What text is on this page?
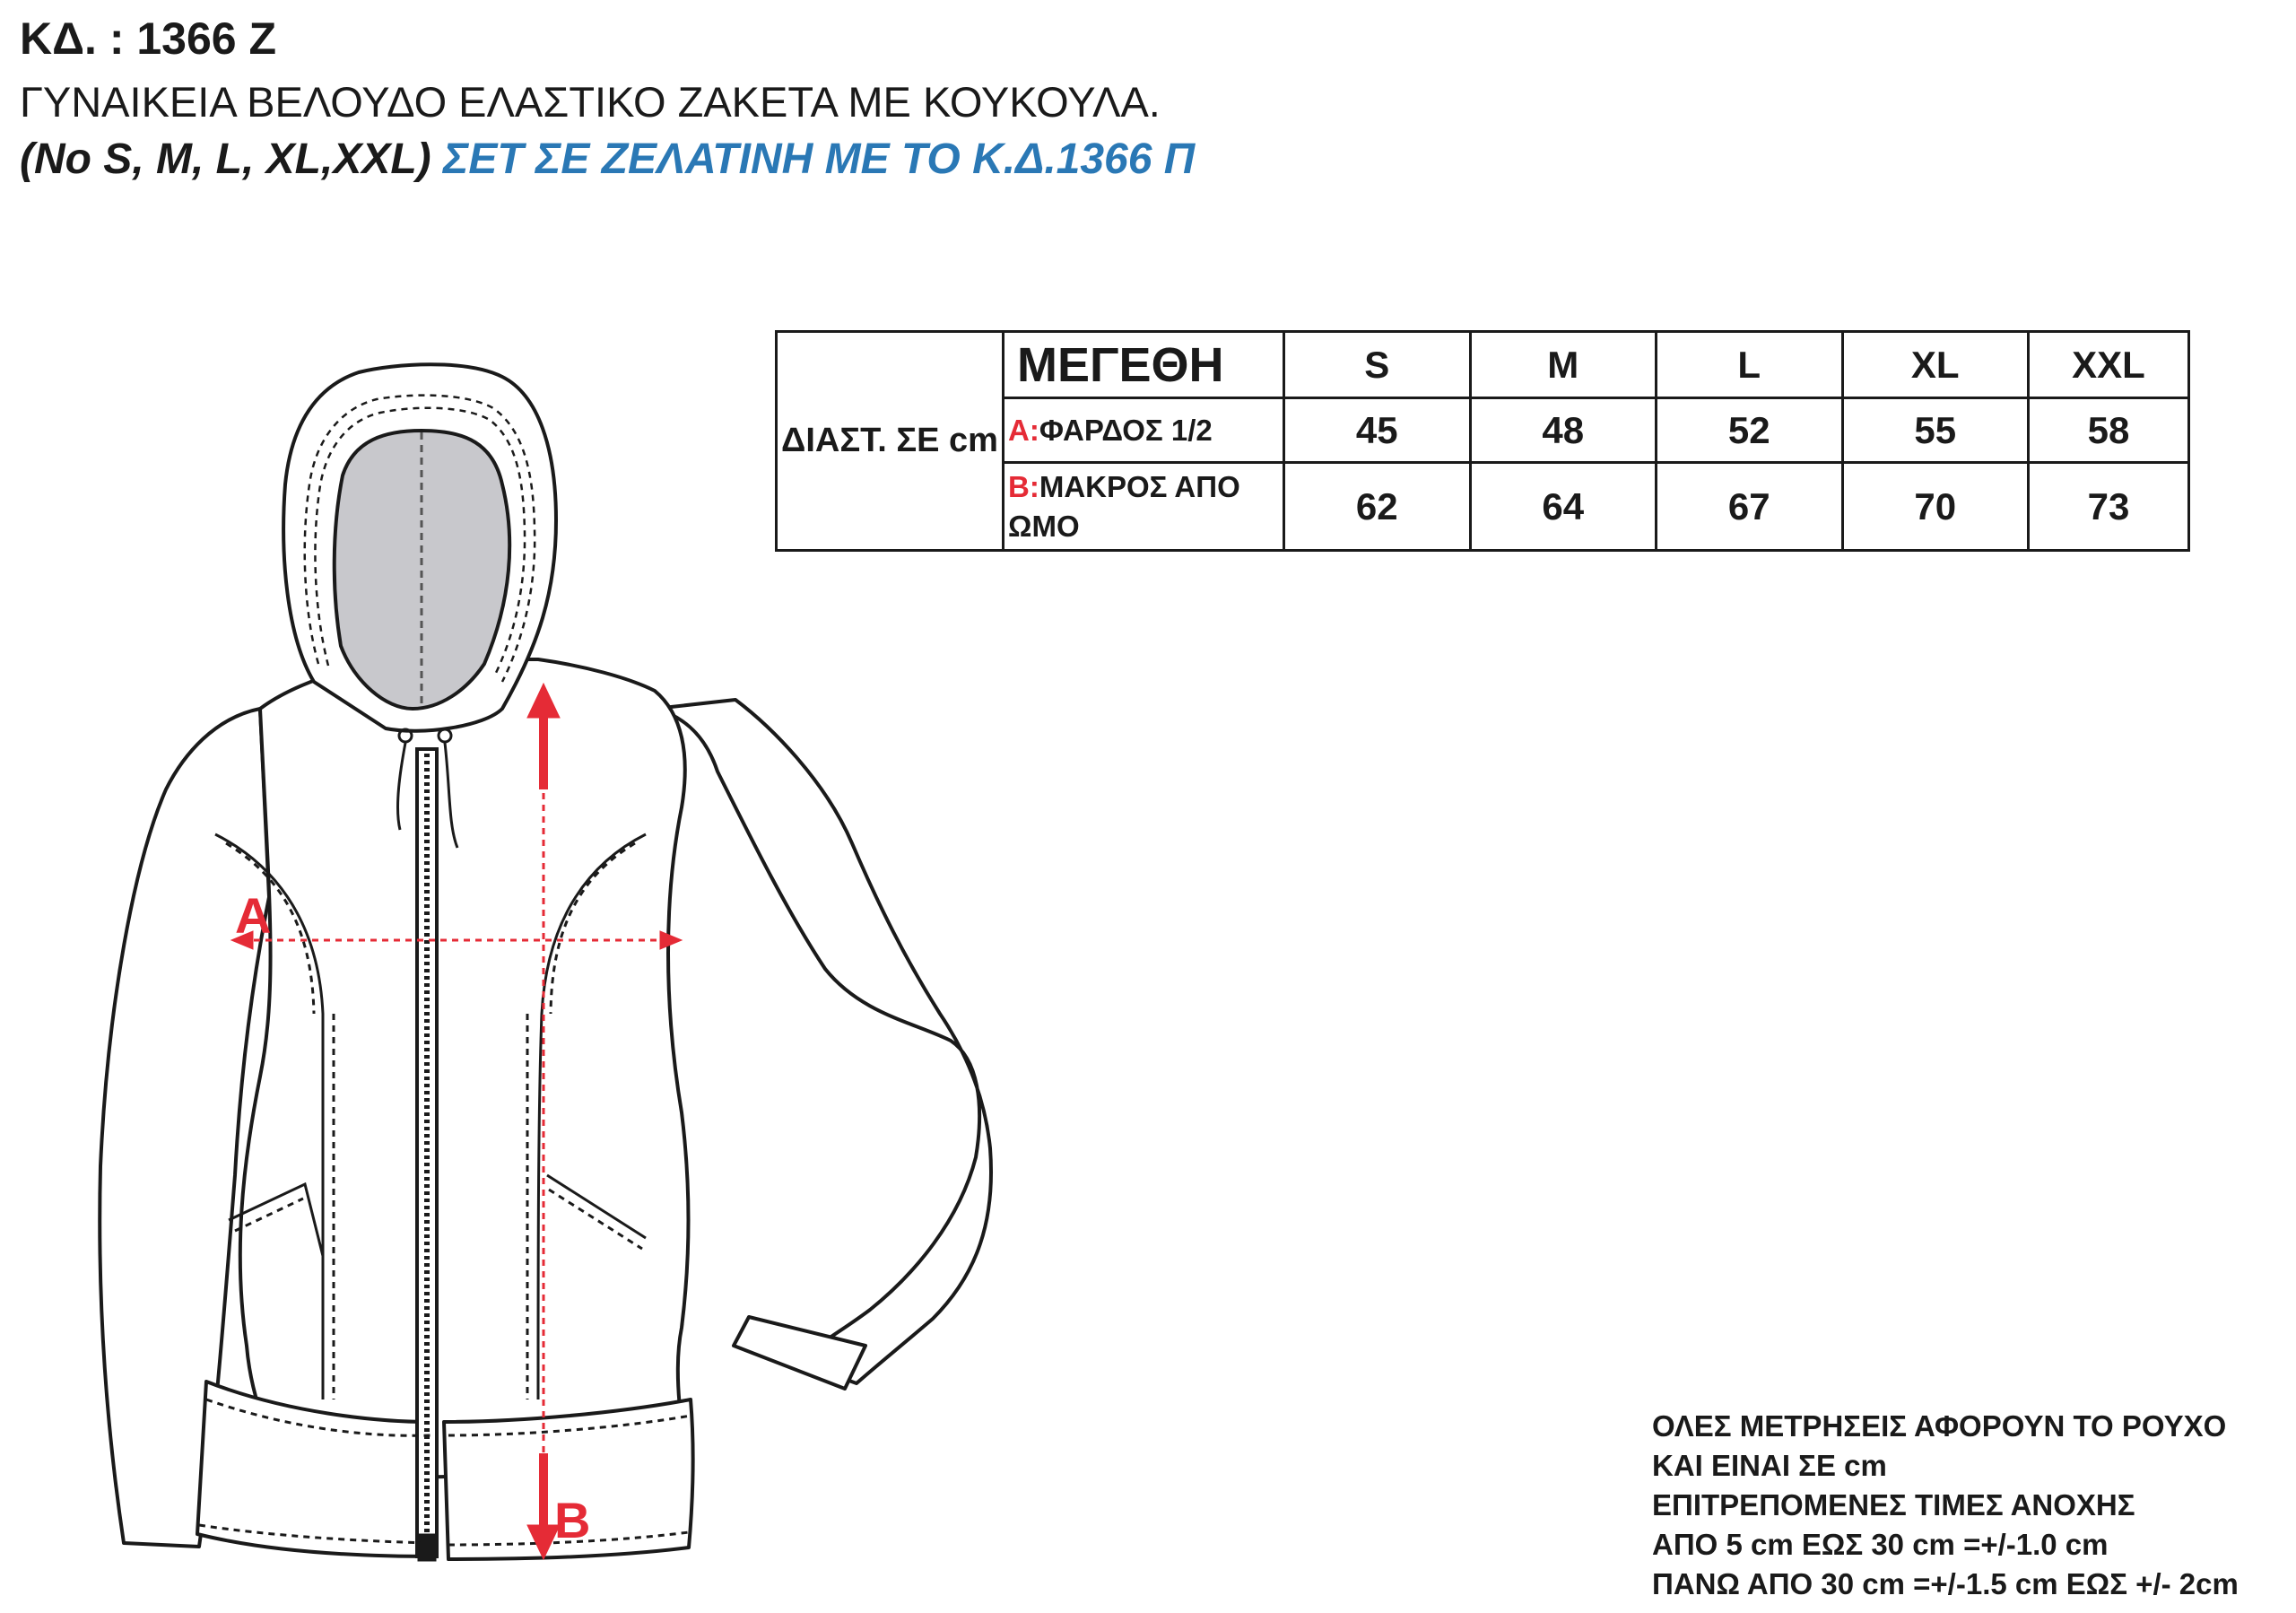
ΚΔ. : 1366 Ζ
ΓΥΝΑΙΚΕΙΑ ΒΕΛΟΥΔΟ ΕΛΑΣΤΙΚΟ ΖΑΚΕΤΑ ΜΕ ΚΟΥΚΟΥΛΑ.
(Νο S, M, L, XL,XXL) ΣΕΤ ΣΕ ΖΕΛΑΤΙΝΗ ΜΕ ΤΟ Κ.Δ.1366 Π
ΔΙΑΣΤ. ΣΕ cm	ΜΕΓΕΘΗ	S	M	L	XL	XXL
	A:ΦΑΡΔΟΣ 1/2	45	48	52	55	58
	B:ΜΑΚΡΟΣ ΑΠΟ ΩΜΟ	62	64	67	70	73
A
B
ΟΛΕΣ ΜΕΤΡΗΣΕΙΣ ΑΦΟΡΟΥΝ ΤΟ ΡΟΥΧΟ
ΚΑΙ ΕΙΝΑΙ ΣΕ cm
ΕΠΙΤΡΕΠΟΜΕΝΕΣ ΤΙΜΕΣ ΑΝΟΧΗΣ
ΑΠΟ 5 cm ΕΩΣ 30 cm =+/-1.0 cm
ΠΑΝΩ ΑΠΟ 30 cm =+/-1.5 cm ΕΩΣ +/- 2cm
